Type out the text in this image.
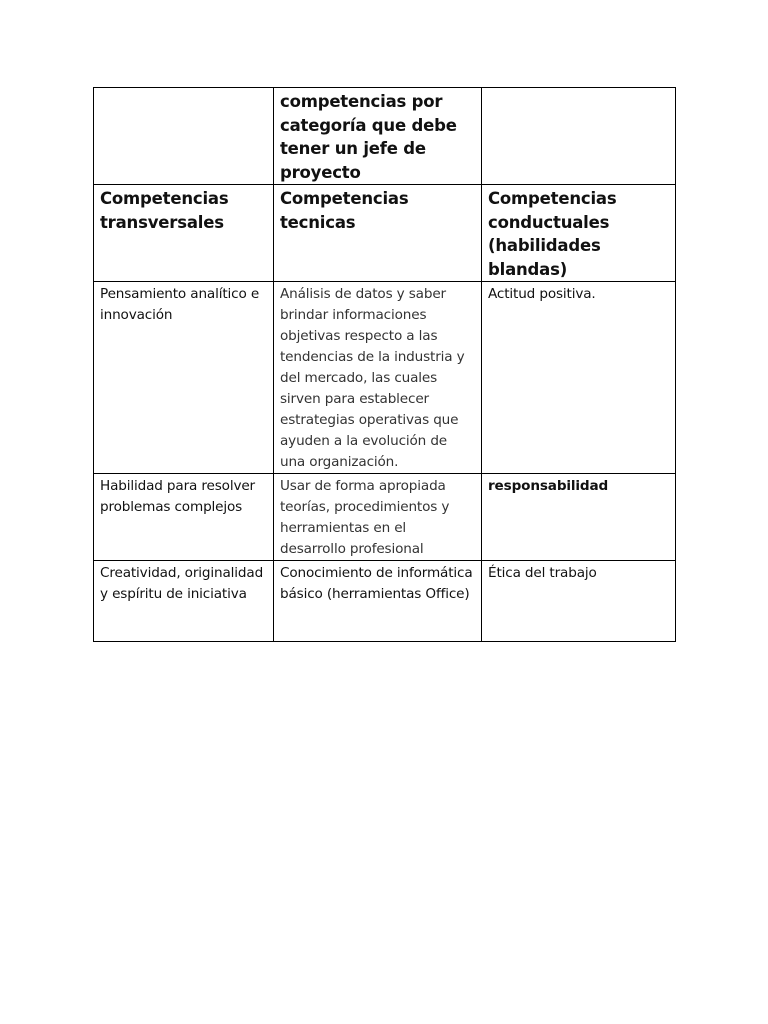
	competencias por categoría que debe tener un jefe de proyecto	

Competencias transversales	Competencias tecnicas	Competencias conductuales (habilidades blandas)

Pensamiento analítico e innovación	Análisis de datos y saber brindar informaciones objetivas respecto a las tendencias de la industria y del mercado, las cuales sirven para establecer estrategias operativas que ayuden a la evolución de una organización.	Actitud positiva.

Habilidad para resolver problemas complejos	Usar de forma apropiada teorías, procedimientos y herramientas en el desarrollo profesional	responsabilidad

Creatividad, originalidad y espíritu de iniciativa	Conocimiento de informática básico (herramientas Office)	Ética del trabajo
